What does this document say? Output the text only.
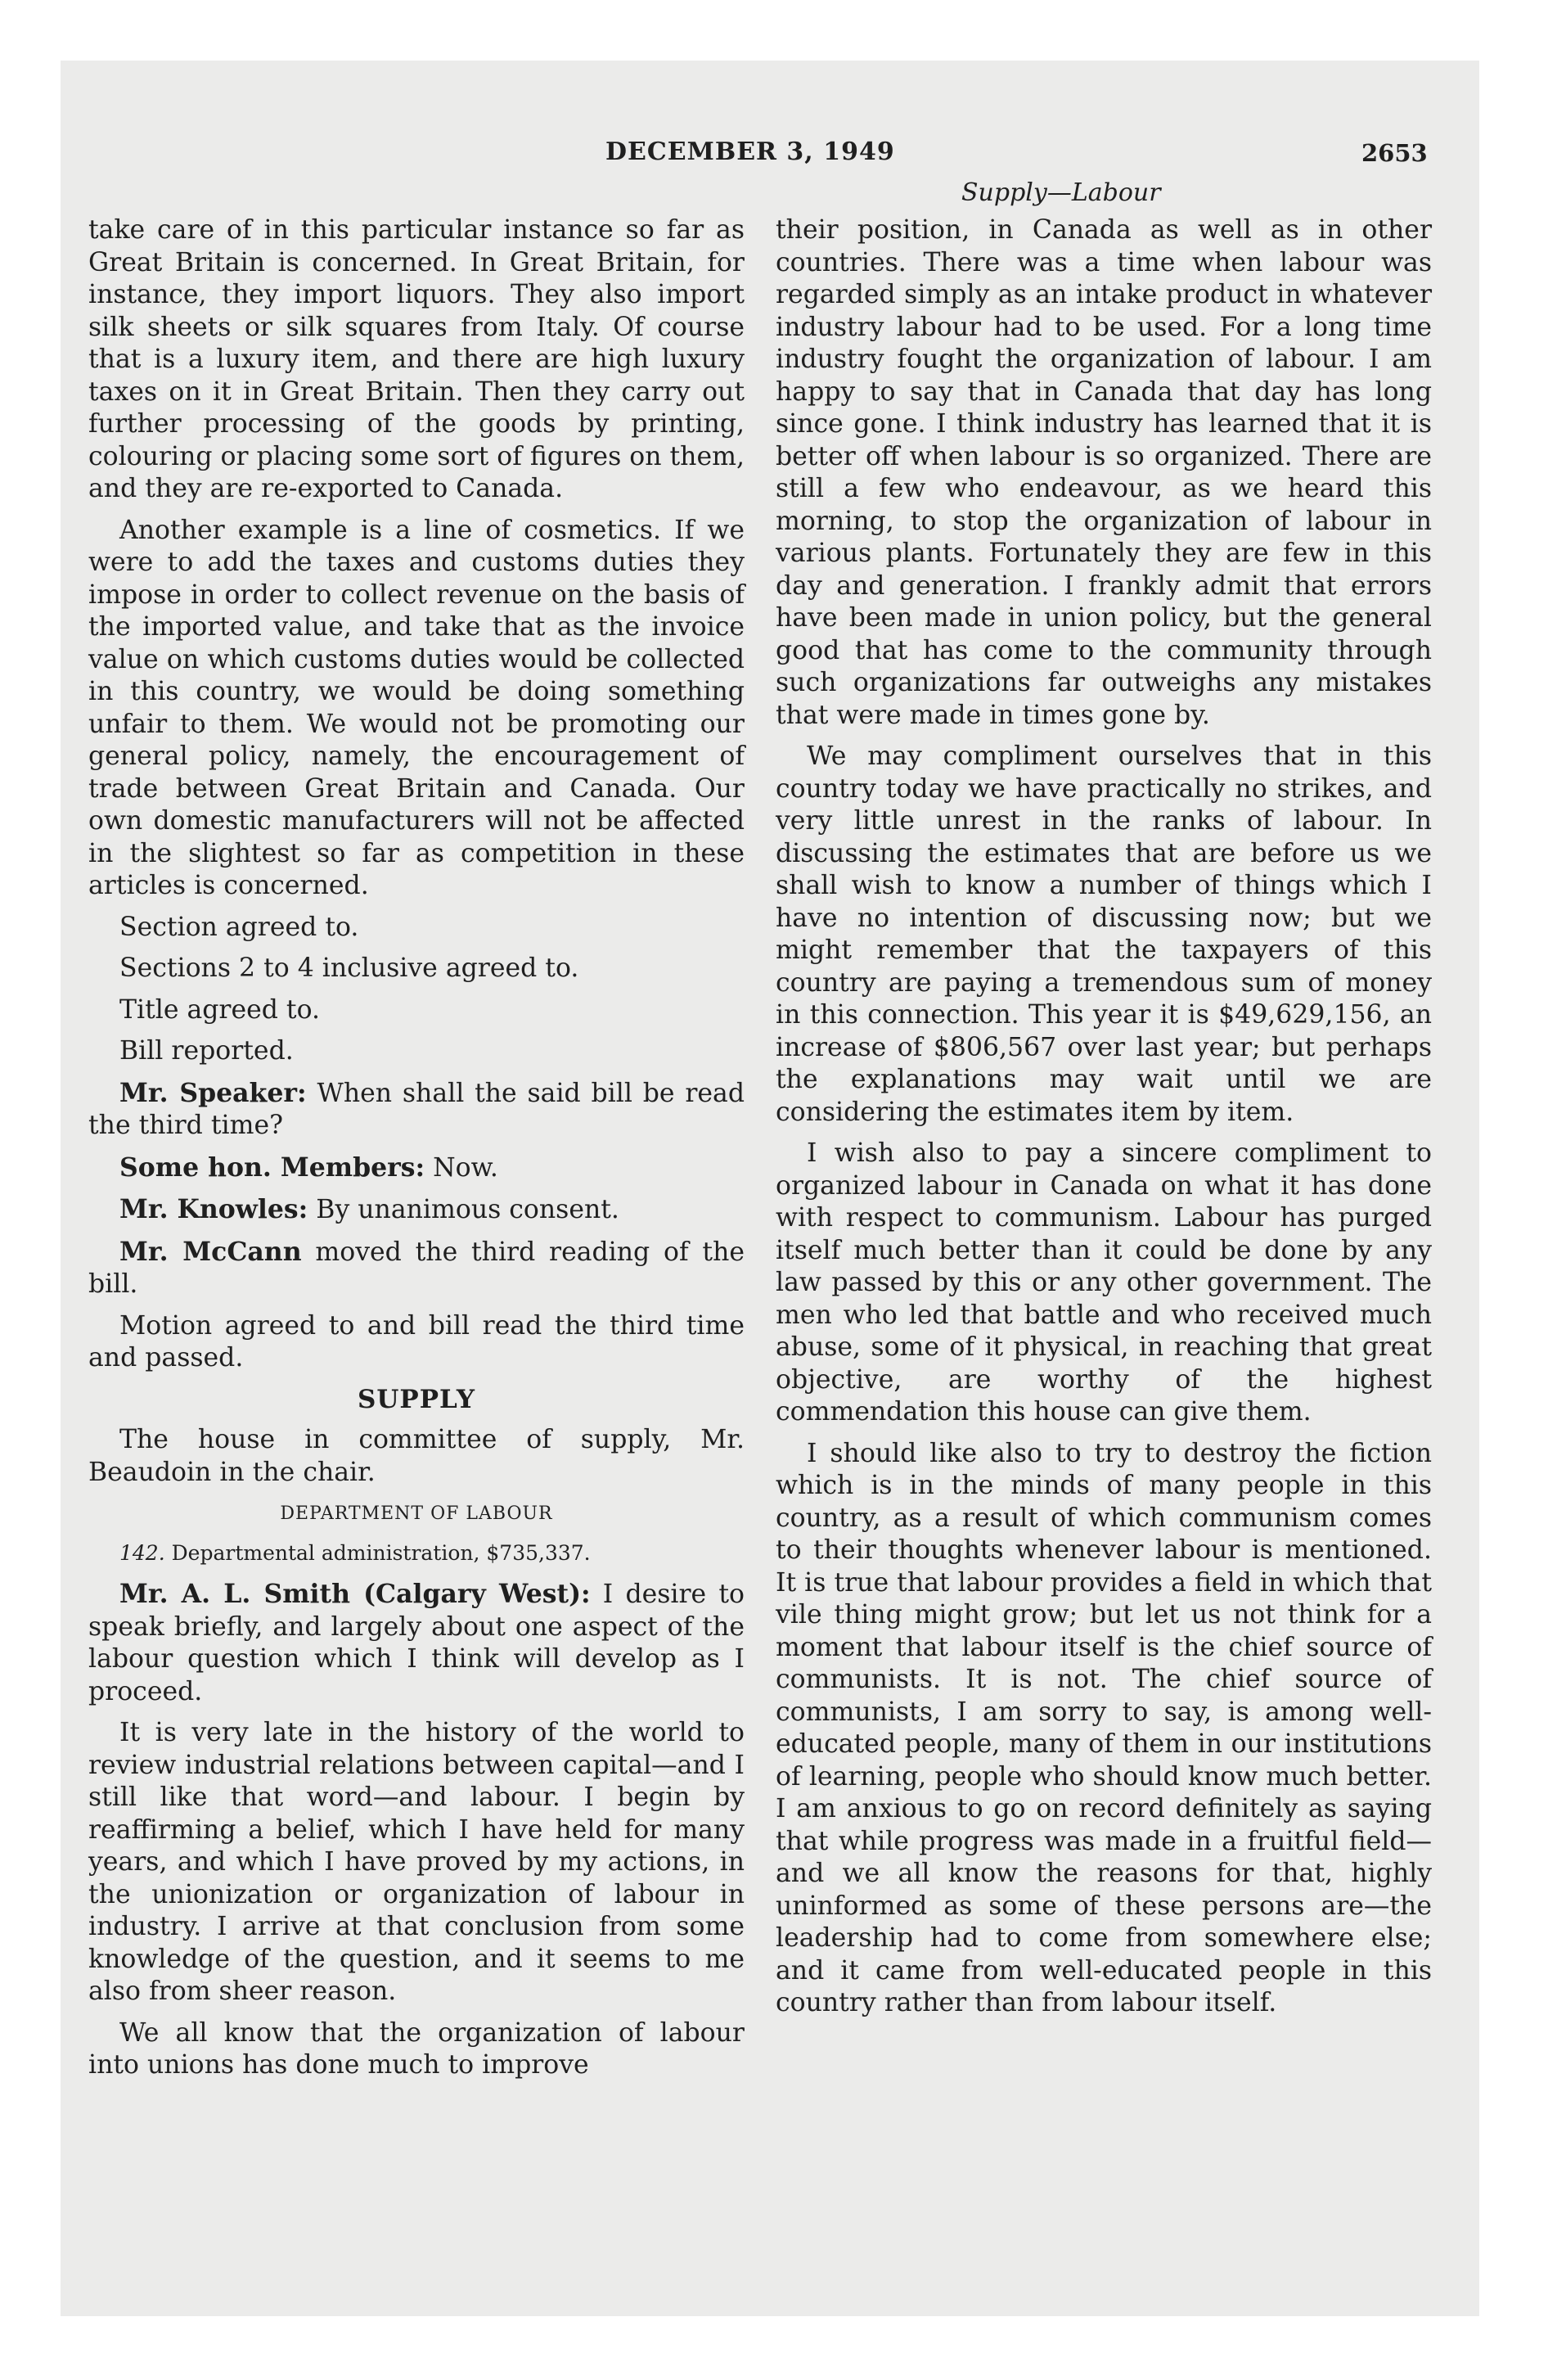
DECEMBER 3, 1949	2653
Supply—Labour

take care of in this particular instance so far as Great Britain is concerned. In Great Britain, for instance, they import liquors. They also import silk sheets or silk squares from Italy. Of course that is a luxury item, and there are high luxury taxes on it in Great Britain. Then they carry out further processing of the goods by printing, colouring or placing some sort of figures on them, and they are re-exported to Canada.

Another example is a line of cosmetics. If we were to add the taxes and customs duties they impose in order to collect revenue on the basis of the imported value, and take that as the invoice value on which customs duties would be collected in this country, we would be doing something unfair to them. We would not be promoting our general policy, namely, the encouragement of trade between Great Britain and Canada. Our own domestic manufacturers will not be affected in the slightest so far as competition in these articles is concerned.

Section agreed to.

Sections 2 to 4 inclusive agreed to.

Title agreed to.

Bill reported.

Mr. Speaker: When shall the said bill be read the third time?

Some hon. Members: Now.

Mr. Knowles: By unanimous consent.

Mr. McCann moved the third reading of the bill.

Motion agreed to and bill read the third time and passed.

SUPPLY

The house in committee of supply, Mr. Beaudoin in the chair.

DEPARTMENT OF LABOUR

142. Departmental administration, $735,337.

Mr. A. L. Smith (Calgary West): I desire to speak briefly, and largely about one aspect of the labour question which I think will develop as I proceed.

It is very late in the history of the world to review industrial relations between capital—and I still like that word—and labour. I begin by reaffirming a belief, which I have held for many years, and which I have proved by my actions, in the unionization or organization of labour in industry. I arrive at that conclusion from some knowledge of the question, and it seems to me also from sheer reason.

We all know that the organization of labour into unions has done much to improve

their position, in Canada as well as in other countries. There was a time when labour was regarded simply as an intake product in whatever industry labour had to be used. For a long time industry fought the organization of labour. I am happy to say that in Canada that day has long since gone. I think industry has learned that it is better off when labour is so organized. There are still a few who endeavour, as we heard this morning, to stop the organization of labour in various plants. Fortunately they are few in this day and generation. I frankly admit that errors have been made in union policy, but the general good that has come to the community through such organizations far outweighs any mistakes that were made in times gone by.

We may compliment ourselves that in this country today we have practically no strikes, and very little unrest in the ranks of labour. In discussing the estimates that are before us we shall wish to know a number of things which I have no intention of discussing now; but we might remember that the taxpayers of this country are paying a tremendous sum of money in this connection. This year it is $49,629,156, an increase of $806,567 over last year; but perhaps the explanations may wait until we are considering the estimates item by item.

I wish also to pay a sincere compliment to organized labour in Canada on what it has done with respect to communism. Labour has purged itself much better than it could be done by any law passed by this or any other government. The men who led that battle and who received much abuse, some of it physical, in reaching that great objective, are worthy of the highest commendation this house can give them.

I should like also to try to destroy the fiction which is in the minds of many people in this country, as a result of which communism comes to their thoughts whenever labour is mentioned. It is true that labour provides a field in which that vile thing might grow; but let us not think for a moment that labour itself is the chief source of communists. It is not. The chief source of communists, I am sorry to say, is among well-educated people, many of them in our institutions of learning, people who should know much better. I am anxious to go on record definitely as saying that while progress was made in a fruitful field—and we all know the reasons for that, highly uninformed as some of these persons are—the leadership had to come from somewhere else; and it came from well-educated people in this country rather than from labour itself.
